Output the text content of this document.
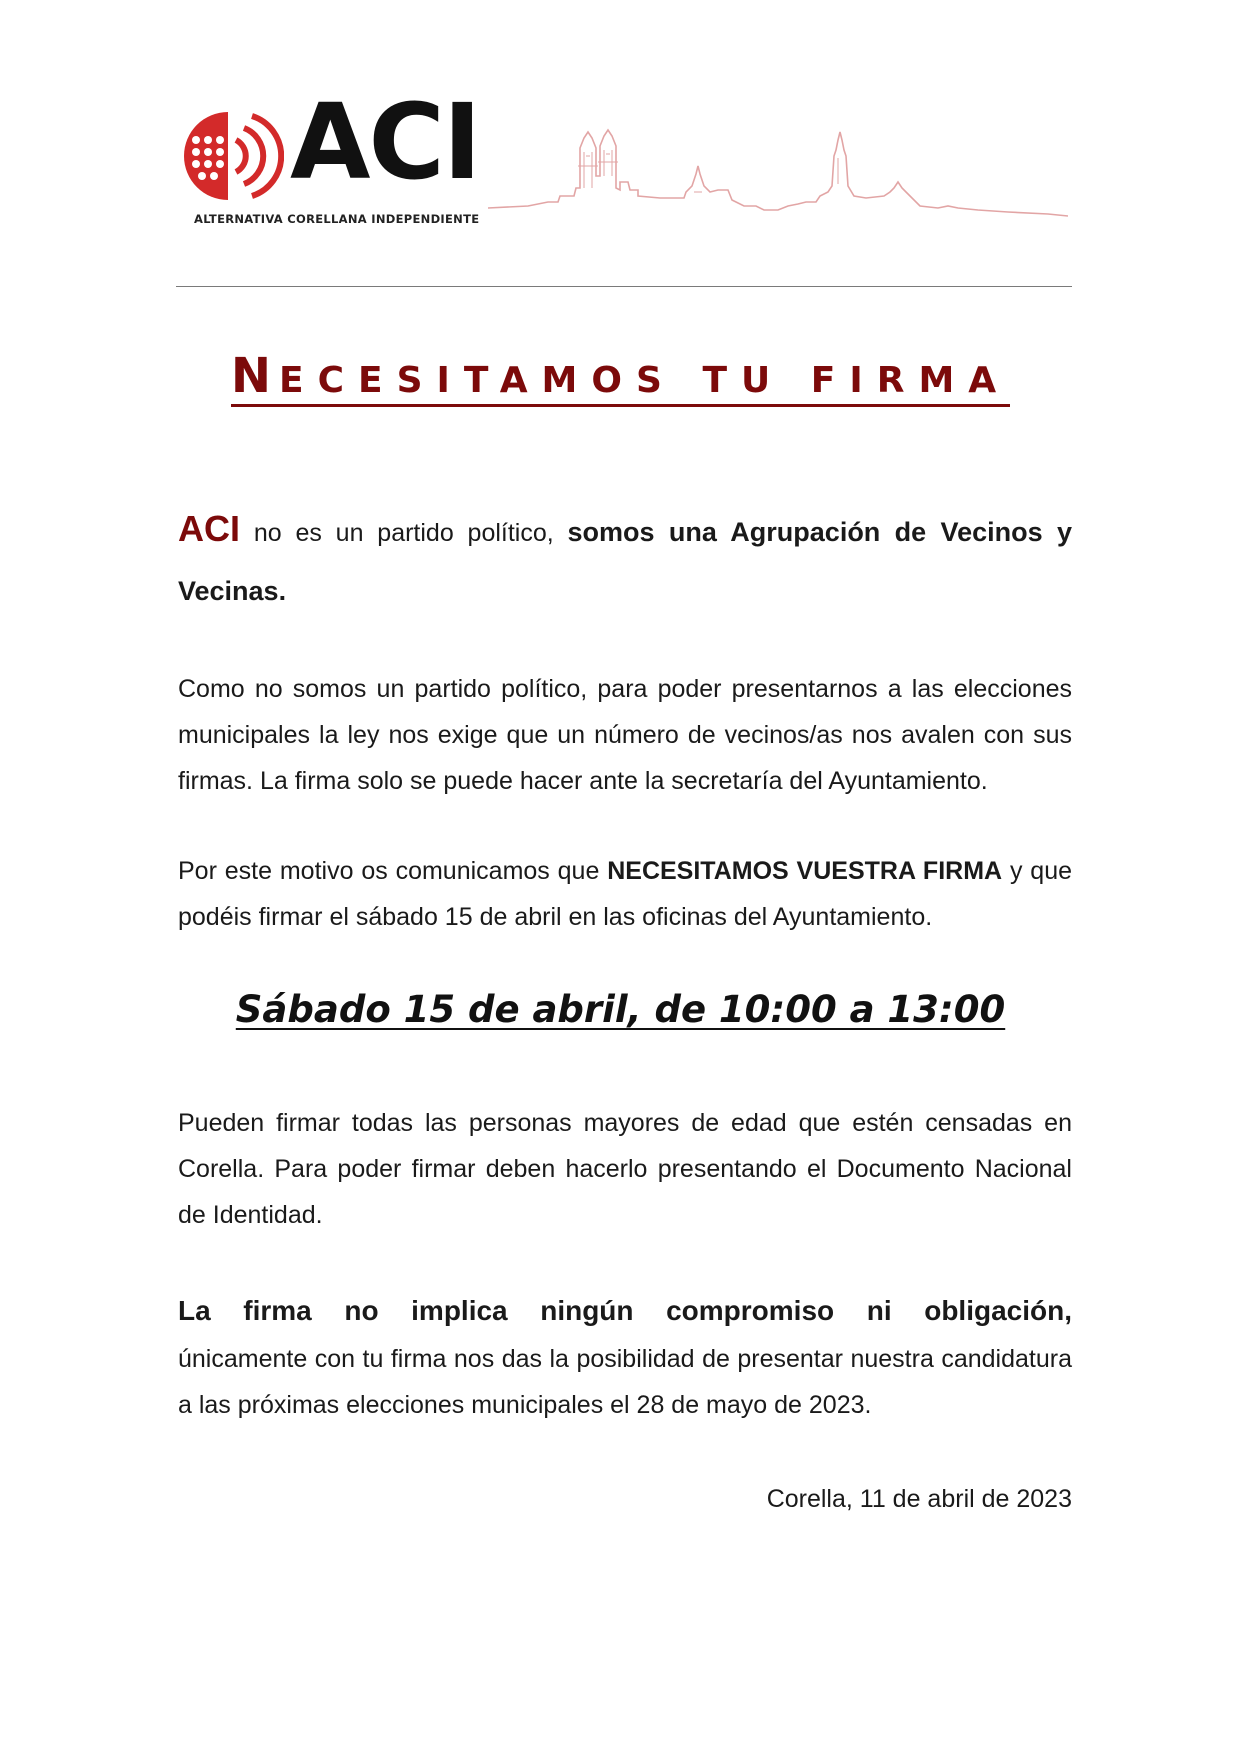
ACI
ALTERNATIVA CORELLANA INDEPENDIENTE
NECESITAMOS TU FIRMA
ACI no es un partido político, somos una Agrupación de Vecinos y Vecinas.
Como no somos un partido político, para poder presentarnos a las elecciones municipales la ley nos exige que un número de vecinos/as nos avalen con sus firmas. La firma solo se puede hacer ante la secretaría del Ayuntamiento.
Por este motivo os comunicamos que NECESITAMOS VUESTRA FIRMA y que podéis firmar el sábado 15 de abril en las oficinas del Ayuntamiento.
Pueden firmar todas las personas mayores de edad que estén censadas en Corella. Para poder firmar deben hacerlo presentando el Documento Nacional de Identidad.
La firma no implica ningún compromiso ni obligación,
únicamente con tu firma nos das la posibilidad de presentar nuestra candidatura a las próximas elecciones municipales el 28 de mayo de 2023.
Corella, 11 de abril de 2023
Sábado 15 de abril, de 10:00 a 13:00
